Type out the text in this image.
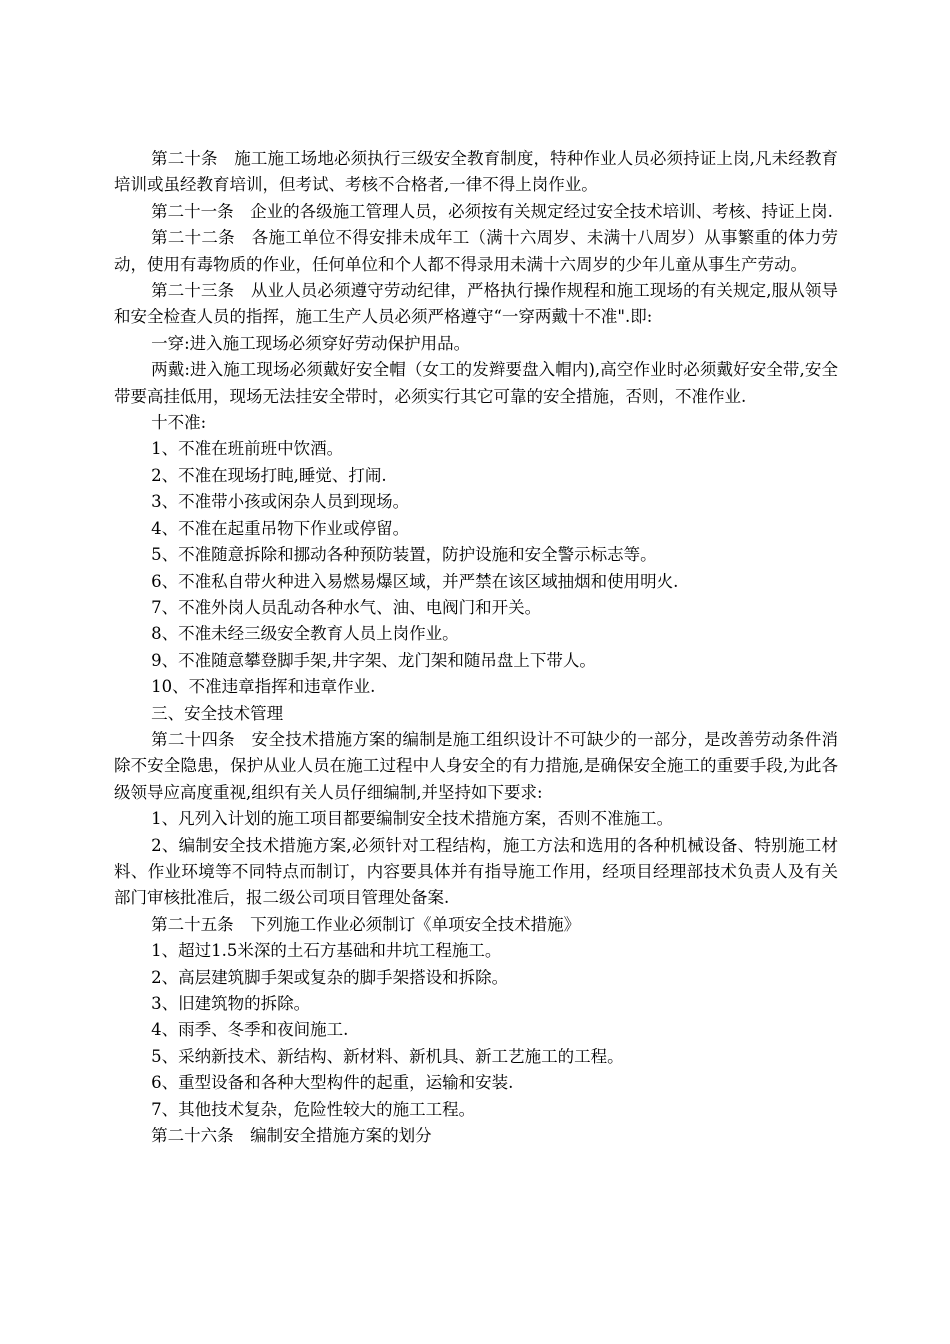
第二十条　施工施工场地必须执行三级安全教育制度，特种作业人员必须持证上岗,凡未经教育培训或虽经教育培训，但考试、考核不合格者,一律不得上岗作业。

第二十一条　企业的各级施工管理人员，必须按有关规定经过安全技术培训、考核、持证上岗.

第二十二条　各施工单位不得安排未成年工（满十六周岁、未满十八周岁）从事繁重的体力劳动，使用有毒物质的作业，任何单位和个人都不得录用未满十六周岁的少年儿童从事生产劳动。

第二十三条　从业人员必须遵守劳动纪律，严格执行操作规程和施工现场的有关规定,服从领导和安全检查人员的指挥，施工生产人员必须严格遵守“一穿两戴十不准".即:

一穿:进入施工现场必须穿好劳动保护用品。

两戴:进入施工现场必须戴好安全帽（女工的发辫要盘入帽内),高空作业时必须戴好安全带,安全带要高挂低用，现场无法挂安全带时，必须实行其它可靠的安全措施，否则，不准作业.

十不准:

1、不准在班前班中饮酒。

2、不准在现场打盹,睡觉、打闹.

3、不准带小孩或闲杂人员到现场。

4、不准在起重吊物下作业或停留。

5、不准随意拆除和挪动各种预防装置，防护设施和安全警示标志等。

6、不准私自带火种进入易燃易爆区域，并严禁在该区域抽烟和使用明火.

7、不准外岗人员乱动各种水气、油、电阀门和开关。

8、不准未经三级安全教育人员上岗作业。

9、不准随意攀登脚手架,井字架、龙门架和随吊盘上下带人。

10、不准违章指挥和违章作业.

三、安全技术管理

第二十四条　安全技术措施方案的编制是施工组织设计不可缺少的一部分，是改善劳动条件消除不安全隐患，保护从业人员在施工过程中人身安全的有力措施,是确保安全施工的重要手段,为此各级领导应高度重视,组织有关人员仔细编制,并坚持如下要求:

1、凡列入计划的施工项目都要编制安全技术措施方案，否则不准施工。

2、编制安全技术措施方案,必须针对工程结构，施工方法和选用的各种机械设备、特别施工材料、作业环境等不同特点而制订，内容要具体并有指导施工作用，经项目经理部技术负责人及有关部门审核批准后，报二级公司项目管理处备案.

第二十五条　下列施工作业必须制订《单项安全技术措施》

1、超过1.5米深的土石方基础和井坑工程施工。

2、高层建筑脚手架或复杂的脚手架搭设和拆除。

3、旧建筑物的拆除。

4、雨季、冬季和夜间施工.

5、采纳新技术、新结构、新材料、新机具、新工艺施工的工程。

6、重型设备和各种大型构件的起重，运输和安装.

7、其他技术复杂，危险性较大的施工工程。

第二十六条　编制安全措施方案的划分
